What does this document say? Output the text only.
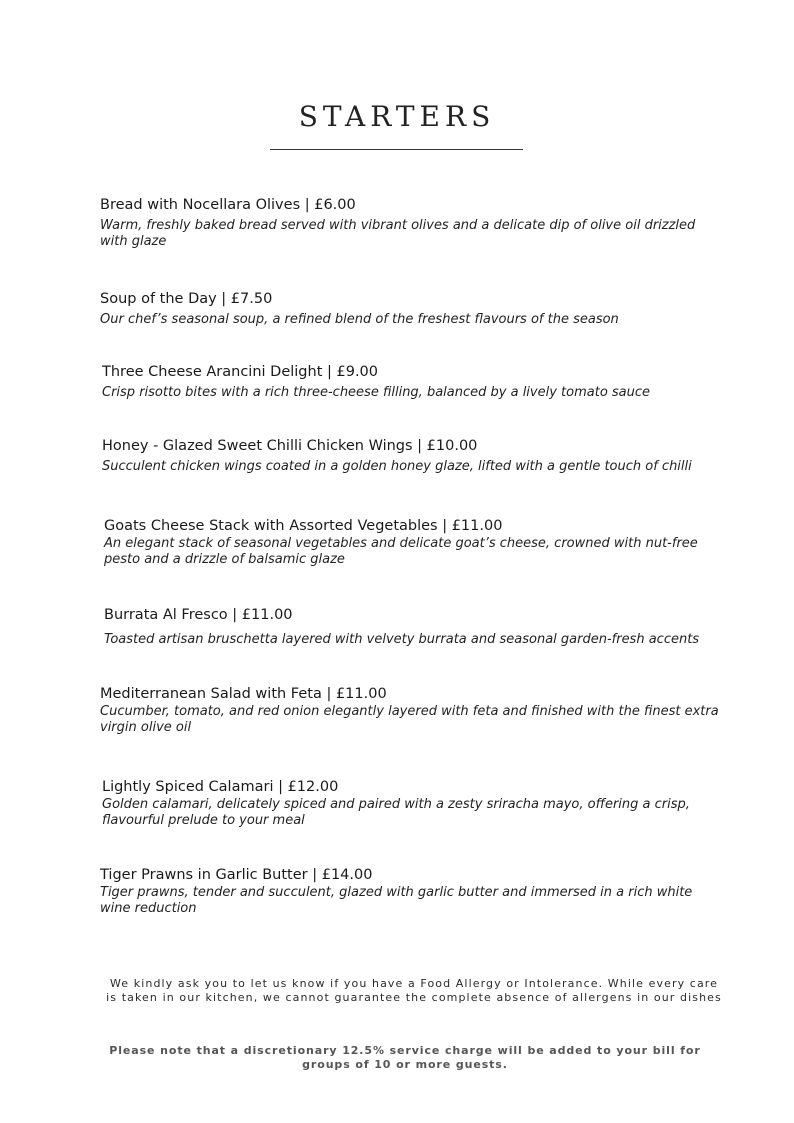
STARTERS
Bread with Nocellara Olives | £6.00
Warm, freshly baked bread served with vibrant olives and a delicate dip of olive oil drizzled with glaze
Soup of the Day | £7.50
Our chef’s seasonal soup, a refined blend of the freshest flavours of the season
Three Cheese Arancini Delight | £9.00
Crisp risotto bites with a rich three-cheese filling, balanced by a lively tomato sauce
Honey - Glazed Sweet Chilli Chicken Wings | £10.00
Succulent chicken wings coated in a golden honey glaze, lifted with a gentle touch of chilli
Goats Cheese Stack with Assorted Vegetables | £11.00
An elegant stack of seasonal vegetables and delicate goat’s cheese, crowned with nut-free pesto and a drizzle of balsamic glaze
Burrata Al Fresco | £11.00
Toasted artisan bruschetta layered with velvety burrata and seasonal garden-fresh accents
Mediterranean Salad with Feta | £11.00
Cucumber, tomato, and red onion elegantly layered with feta and finished with the finest extra virgin olive oil
Lightly Spiced Calamari | £12.00
Golden calamari, delicately spiced and paired with a zesty sriracha mayo, offering a crisp, flavourful prelude to your meal
Tiger Prawns in Garlic Butter | £14.00
Tiger prawns, tender and succulent, glazed with garlic butter and immersed in a rich white wine reduction
We kindly ask you to let us know if you have a Food Allergy or Intolerance. While every care is taken in our kitchen, we cannot guarantee the complete absence of allergens in our dishes
Please note that a discretionary 12.5% service charge will be added to your bill for groups of 10 or more guests.
